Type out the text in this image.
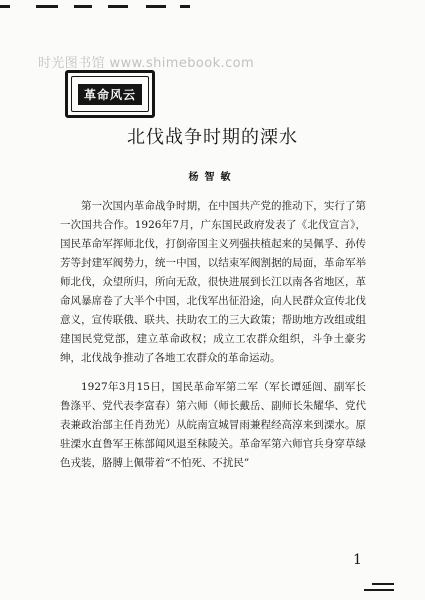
时光图书馆 www.shimebook.com
革命风云
北伐战争时期的溧水
杨智敏

第一次国内革命战争时期，在中国共产党的推动下，实行了第一次国共合作。1926年7月，广东国民政府发表了《北伐宣言》，国民革命军挥师北伐，打倒帝国主义列强扶植起来的吴佩孚、孙传芳等封建军阀势力，统一中国，以结束军阀割据的局面，革命军举师北伐，众望所归，所向无敌，很快进展到长江以南各省地区，革命风暴席卷了大半个中国，北伐军出征沿途，向人民群众宣传北伐意义，宣传联俄、联共、扶助农工的三大政策；帮助地方改组或组建国民党党部，建立革命政权；成立工农群众组织，斗争土豪劣绅，北伐战争推动了各地工农群众的革命运动。

1927年3月15日，国民革命军第二军（军长谭延闿、副军长鲁涤平、党代表李富春）第六师（师长戴岳、副师长朱耀华、党代表兼政治部主任肖劲光）从皖南宣城冒雨兼程经高淳来到溧水。原驻溧水直鲁军王栋部闻风退至秣陵关。革命军第六师官兵身穿草绿色戎装，胳膊上佩带着“不怕死、不扰民”

1
